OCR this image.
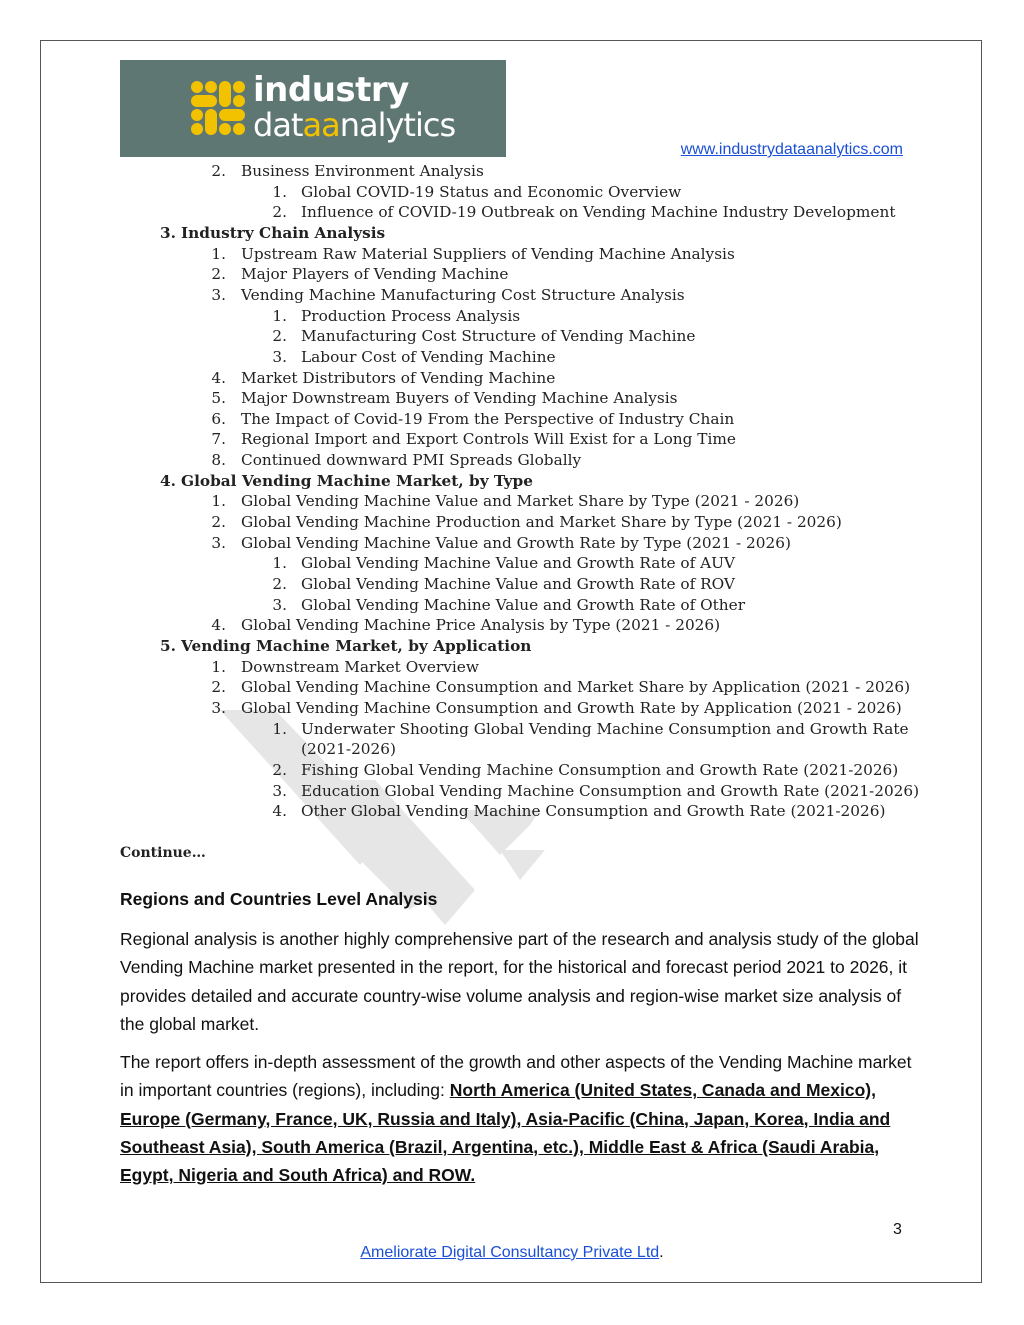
industry
dataanalytics
www.industrydataanalytics.com
2. Business Environment Analysis
1. Global COVID-19 Status and Economic Overview
2. Influence of COVID-19 Outbreak on Vending Machine Industry Development
3. Industry Chain Analysis
1. Upstream Raw Material Suppliers of Vending Machine Analysis
2. Major Players of Vending Machine
3. Vending Machine Manufacturing Cost Structure Analysis
1. Production Process Analysis
2. Manufacturing Cost Structure of Vending Machine
3. Labour Cost of Vending Machine
4. Market Distributors of Vending Machine
5. Major Downstream Buyers of Vending Machine Analysis
6. The Impact of Covid-19 From the Perspective of Industry Chain
7. Regional Import and Export Controls Will Exist for a Long Time
8. Continued downward PMI Spreads Globally
4. Global Vending Machine Market, by Type
1. Global Vending Machine Value and Market Share by Type (2021 - 2026)
2. Global Vending Machine Production and Market Share by Type (2021 - 2026)
3. Global Vending Machine Value and Growth Rate by Type (2021 - 2026)
1. Global Vending Machine Value and Growth Rate of AUV
2. Global Vending Machine Value and Growth Rate of ROV
3. Global Vending Machine Value and Growth Rate of Other
4. Global Vending Machine Price Analysis by Type (2021 - 2026)
5. Vending Machine Market, by Application
1. Downstream Market Overview
2. Global Vending Machine Consumption and Market Share by Application (2021 - 2026)
3. Global Vending Machine Consumption and Growth Rate by Application (2021 - 2026)
1. Underwater Shooting Global Vending Machine Consumption and Growth Rate
(2021-2026)
2. Fishing Global Vending Machine Consumption and Growth Rate (2021-2026)
3. Education Global Vending Machine Consumption and Growth Rate (2021-2026)
4. Other Global Vending Machine Consumption and Growth Rate (2021-2026)
Continue…
Regions and Countries Level Analysis
Regional analysis is another highly comprehensive part of the research and analysis study of the global Vending Machine market presented in the report, for the historical and forecast period 2021 to 2026, it provides detailed and accurate country-wise volume analysis and region-wise market size analysis of the global market.
The report offers in-depth assessment of the growth and other aspects of the Vending Machine market in important countries (regions), including: North America (United States, Canada and Mexico), Europe (Germany, France, UK, Russia and Italy), Asia-Pacific (China, Japan, Korea, India and Southeast Asia), South America (Brazil, Argentina, etc.), Middle East & Africa (Saudi Arabia, Egypt, Nigeria and South Africa) and ROW.
3
Ameliorate Digital Consultancy Private Ltd.
